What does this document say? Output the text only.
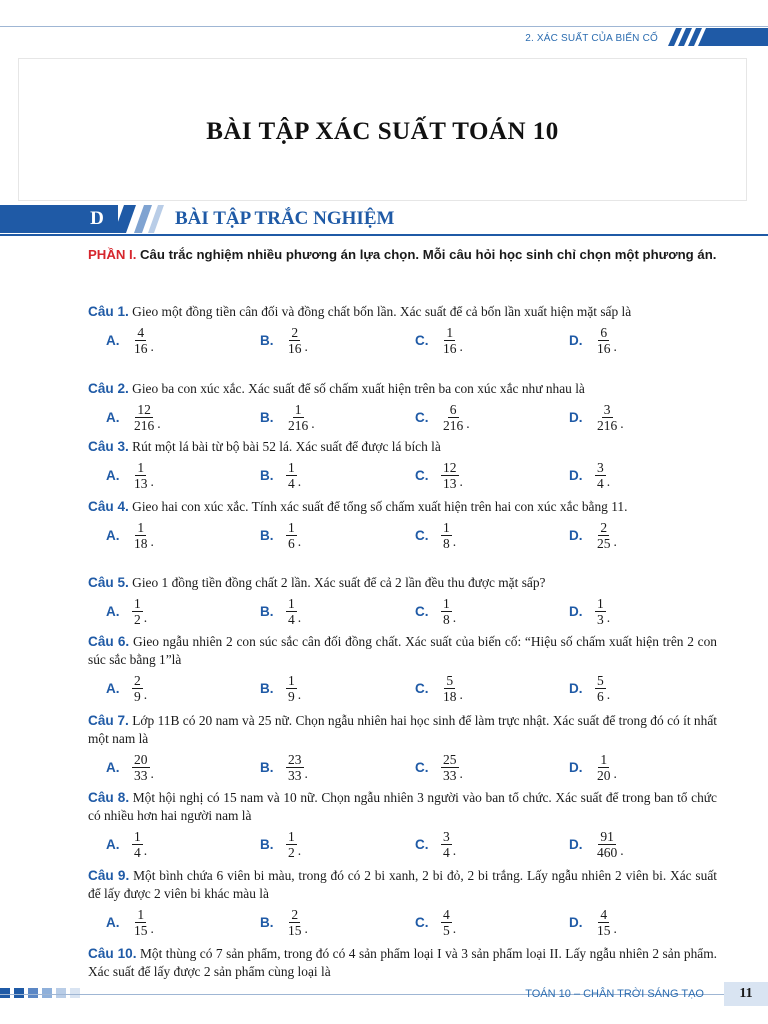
2. XÁC SUẤT CỦA BIẾN CỐ
BÀI TẬP XÁC SUẤT TOÁN 10
D	BÀI TẬP TRẮC NGHIỆM
PHẦN I. Câu trắc nghiệm nhiều phương án lựa chọn. Mỗi câu hỏi học sinh chỉ chọn một phương án.
Câu 1. Gieo một đồng tiền cân đối và đồng chất bốn lần. Xác suất để cả bốn lần xuất hiện mặt sấp là
A. $\frac{4}{16}$ .	B. $\frac{2}{16}$ .	C. $\frac{1}{16}$ .	D. $\frac{6}{16}$ .
Câu 2. Gieo ba con xúc xắc. Xác suất để số chấm xuất hiện trên ba con xúc xắc như nhau là
A. $\frac{12}{216}$ .	B. $\frac{1}{216}$ .	C. $\frac{6}{216}$ .	D. $\frac{3}{216}$ .
Câu 3. Rút một lá bài từ bộ bài 52 lá. Xác suất để được lá bích là
A. $\frac{1}{13}$ .	B. $\frac{1}{4}$ .	C. $\frac{12}{13}$ .	D. $\frac{3}{4}$ .
Câu 4. Gieo hai con xúc xắc. Tính xác suất để tổng số chấm xuất hiện trên hai con xúc xắc bằng 11.
A. $\frac{1}{18}$ .	B. $\frac{1}{6}$ .	C. $\frac{1}{8}$ .	D. $\frac{2}{25}$ .
Câu 5. Gieo 1 đồng tiền đồng chất 2 lần. Xác suất để cả 2 lần đều thu được mặt sấp?
A. $\frac{1}{2}$ .	B. $\frac{1}{4}$ .	C. $\frac{1}{8}$ .	D. $\frac{1}{3}$ .
Câu 6. Gieo ngẫu nhiên 2 con súc sắc cân đối đồng chất. Xác suất của biến cố: “Hiệu số chấm xuất hiện trên 2 con súc sắc bằng 1”là
A. $\frac{2}{9}$ .	B. $\frac{1}{9}$ .	C. $\frac{5}{18}$ .	D. $\frac{5}{6}$ .
Câu 7. Lớp 11B có 20 nam và 25 nữ. Chọn ngẫu nhiên hai học sinh để làm trực nhật. Xác suất để trong đó có ít nhất một nam là
A. $\frac{20}{33}$ .	B. $\frac{23}{33}$ .	C. $\frac{25}{33}$ .	D. $\frac{1}{20}$ .
Câu 8. Một hội nghị có 15 nam và 10 nữ. Chọn ngẫu nhiên 3 người vào ban tổ chức. Xác suất để trong ban tổ chức có nhiều hơn hai người nam là
A. $\frac{1}{4}$ .	B. $\frac{1}{2}$ .	C. $\frac{3}{4}$ .	D. $\frac{91}{460}$ .
Câu 9. Một bình chứa 6 viên bi màu, trong đó có 2 bi xanh, 2 bi đỏ, 2 bi trắng. Lấy ngẫu nhiên 2 viên bi. Xác suất để lấy được 2 viên bi khác màu là
A. $\frac{1}{15}$ .	B. $\frac{2}{15}$ .	C. $\frac{4}{5}$ .	D. $\frac{4}{15}$ .
Câu 10. Một thùng có 7 sản phẩm, trong đó có 4 sản phẩm loại I và 3 sản phẩm loại II. Lấy ngẫu nhiên 2 sản phẩm. Xác suất để lấy được 2 sản phẩm cùng loại là
TOÁN 10 – CHÂN TRỜI SÁNG TẠO	11
